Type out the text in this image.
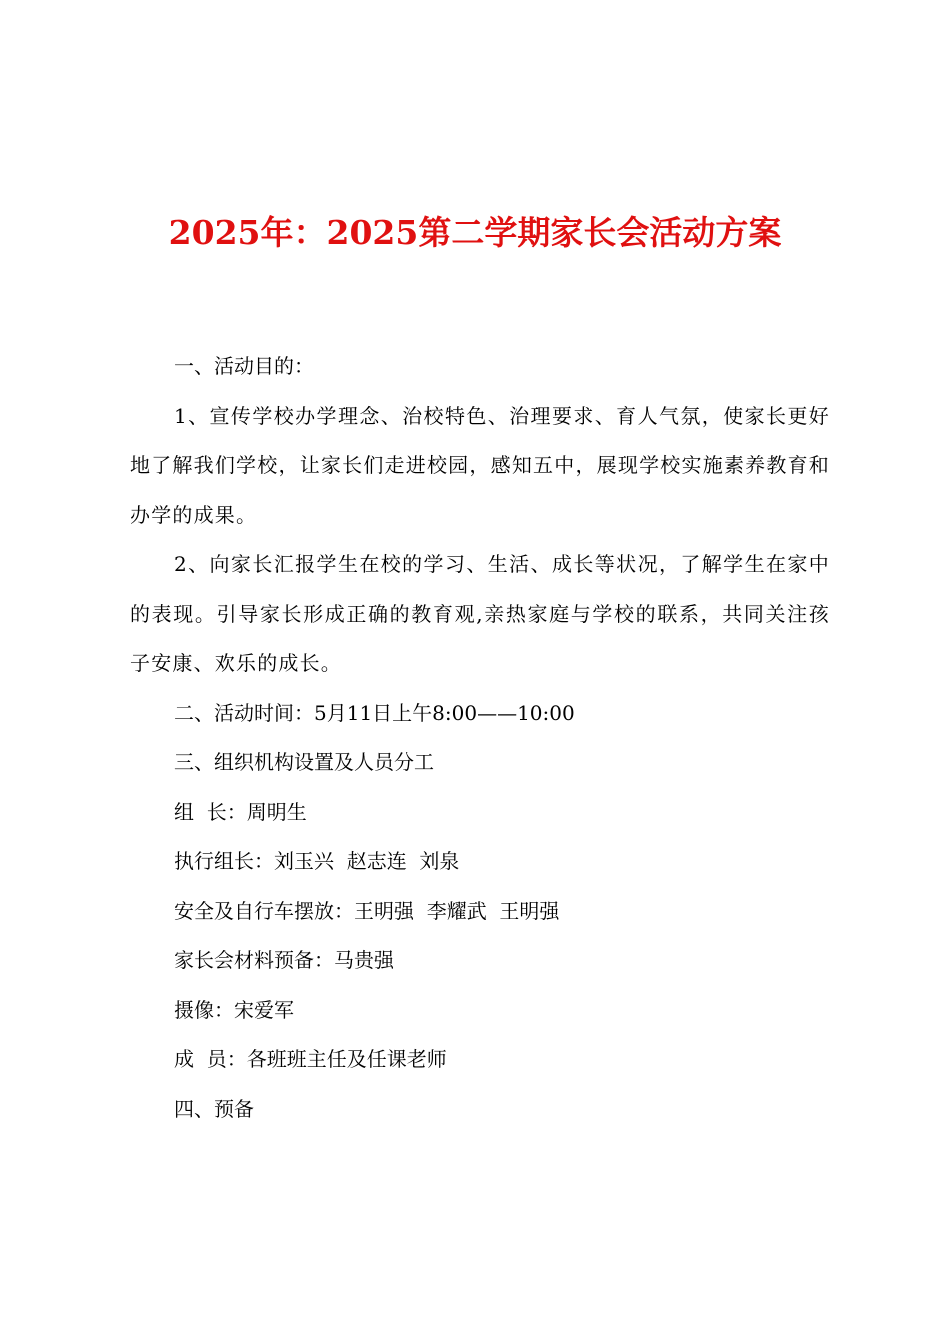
2025年：2025第二学期家长会活动方案

一、活动目的：

1、宣传学校办学理念、治校特色、治理要求、育人气氛，使家长更好地了解我们学校，让家长们走进校园，感知五中，展现学校实施素养教育和办学的成果。

2、向家长汇报学生在校的学习、生活、成长等状况，了解学生在家中的表现。引导家长形成正确的教育观,亲热家庭与学校的联系，共同关注孩子安康、欢乐的成长。

二、活动时间：5月11日上午8:00——10:00

三、组织机构设置及人员分工

组  长：周明生

执行组长：刘玉兴  赵志连  刘泉

安全及自行车摆放：王明强  李耀武  王明强

家长会材料预备：马贵强

摄像：宋爱军

成  员：各班班主任及任课老师

四、预备
